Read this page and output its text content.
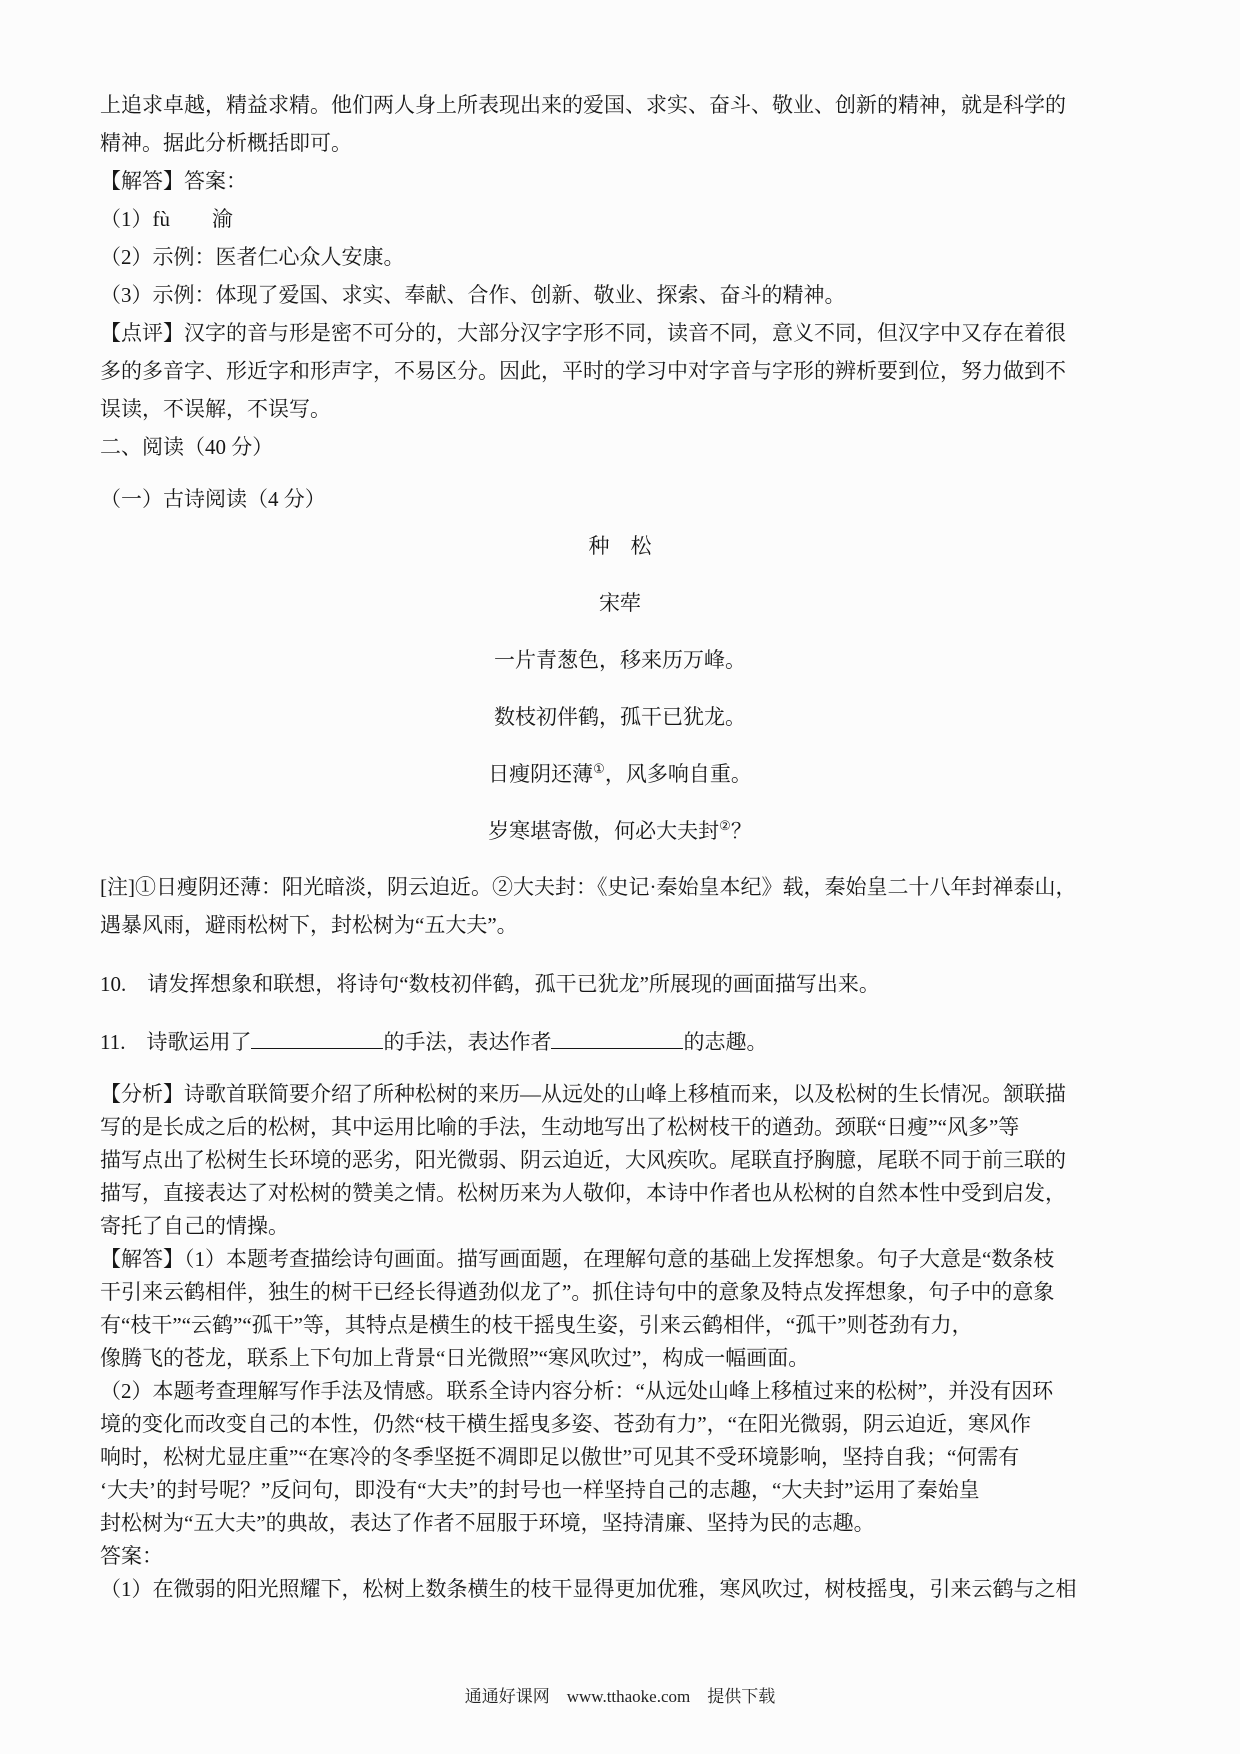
上追求卓越，精益求精。他们两人身上所表现出来的爱国、求实、奋斗、敬业、创新的精神，就是科学的
精神。据此分析概括即可。
【解答】答案：
（1）fù　　渝
（2）示例：医者仁心众人安康。
（3）示例：体现了爱国、求实、奉献、合作、创新、敬业、探索、奋斗的精神。
【点评】汉字的音与形是密不可分的，大部分汉字字形不同，读音不同，意义不同，但汉字中又存在着很
多的多音字、形近字和形声字，不易区分。因此，平时的学习中对字音与字形的辨析要到位，努力做到不
误读，不误解，不误写。
二、阅读（40 分）
（一）古诗阅读（4 分）
种　松
宋荦
一片青葱色，移来历万峰。
数枝初伴鹤，孤干已犹龙。
日瘦阴还薄①，风多响自重。
岁寒堪寄傲，何必大夫封②？
[注]①日瘦阴还薄：阳光暗淡，阴云迫近。②大夫封：《史记·秦始皇本纪》载，秦始皇二十八年封禅泰山，
遇暴风雨，避雨松树下，封松树为“五大夫”。
10.　请发挥想象和联想，将诗句“数枝初伴鹤，孤干已犹龙”所展现的画面描写出来。
11.　诗歌运用了	的手法，表达作者	的志趣。
【分析】诗歌首联简要介绍了所种松树的来历—从远处的山峰上移植而来，以及松树的生长情况。颔联描
写的是长成之后的松树，其中运用比喻的手法，生动地写出了松树枝干的遒劲。颈联“日瘦”“风多”等
描写点出了松树生长环境的恶劣，阳光微弱、阴云迫近，大风疾吹。尾联直抒胸臆，尾联不同于前三联的
描写，直接表达了对松树的赞美之情。松树历来为人敬仰，本诗中作者也从松树的自然本性中受到启发，
寄托了自己的情操。
【解答】（1）本题考查描绘诗句画面。描写画面题，在理解句意的基础上发挥想象。句子大意是“数条枝
干引来云鹤相伴，独生的树干已经长得遒劲似龙了”。抓住诗句中的意象及特点发挥想象，句子中的意象
有“枝干”“云鹤”“孤干”等，其特点是横生的枝干摇曳生姿，引来云鹤相伴，“孤干”则苍劲有力，
像腾飞的苍龙，联系上下句加上背景“日光微照”“寒风吹过”，构成一幅画面。
（2）本题考查理解写作手法及情感。联系全诗内容分析：“从远处山峰上移植过来的松树”，并没有因环
境的变化而改变自己的本性，仍然“枝干横生摇曳多姿、苍劲有力”，“在阳光微弱，阴云迫近，寒风作
响时，松树尤显庄重”“在寒冷的冬季坚挺不凋即足以傲世”可见其不受环境影响，坚持自我；“何需有
‘大夫’的封号呢？”反问句，即没有“大夫”的封号也一样坚持自己的志趣，“大夫封”运用了秦始皇
封松树为“五大夫”的典故，表达了作者不屈服于环境，坚持清廉、坚持为民的志趣。
答案：
（1）在微弱的阳光照耀下，松树上数条横生的枝干显得更加优雅，寒风吹过，树枝摇曳，引来云鹤与之相
通通好课网　www.tthaoke.com　提供下载
